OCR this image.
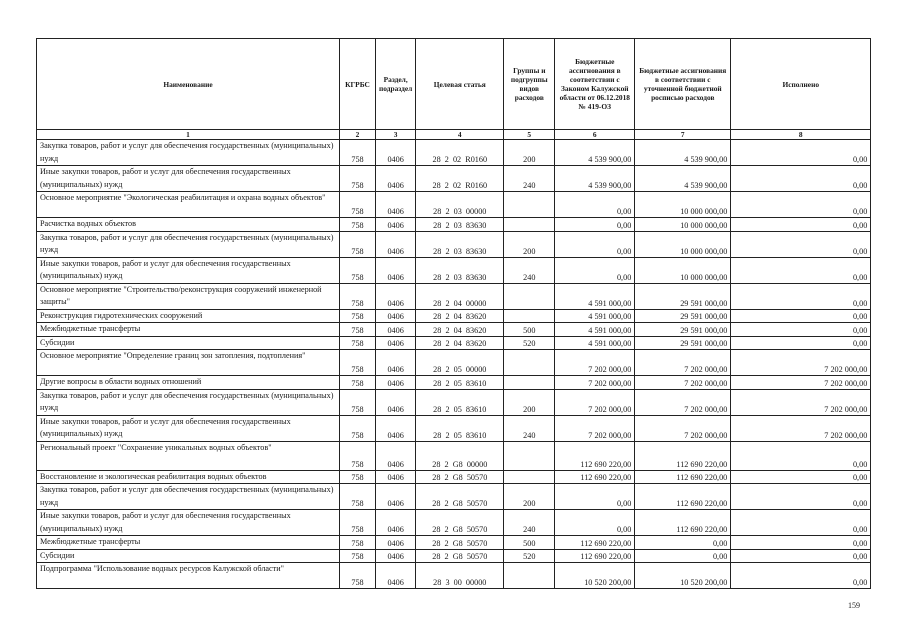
Наименование	КГРБС	Раздел, подраздел	Целевая статья	Группы и подгруппы видов расходов	Бюджетные ассигнования в соответствии с Законом Калужской области от 06.12.2018 № 419-ОЗ	Бюджетные ассигнования в соответствии с уточненной бюджетной росписью расходов	Исполнено
1	2	3	4	5	6	7	8
Закупка товаров, работ и услуг для обеспечения государственных (муниципальных) нужд	758	0406	28  2  02  R0160	200	4 539 900,00	4 539 900,00	0,00
Иные закупки товаров, работ и услуг для обеспечения государственных (муниципальных) нужд	758	0406	28  2  02  R0160	240	4 539 900,00	4 539 900,00	0,00
Основное мероприятие "Экологическая реабилитация и охрана водных объектов"	758	0406	28  2  03  00000		0,00	10 000 000,00	0,00
Расчистка водных объектов	758	0406	28  2  03  83630		0,00	10 000 000,00	0,00
Закупка товаров, работ и услуг для обеспечения государственных (муниципальных) нужд	758	0406	28  2  03  83630	200	0,00	10 000 000,00	0,00
Иные закупки товаров, работ и услуг для обеспечения государственных (муниципальных) нужд	758	0406	28  2  03  83630	240	0,00	10 000 000,00	0,00
Основное мероприятие "Строительство/реконструкция сооружений инженерной защиты"	758	0406	28  2  04  00000		4 591 000,00	29 591 000,00	0,00
Реконструкция гидротехнических сооружений	758	0406	28  2  04  83620		4 591 000,00	29 591 000,00	0,00
Межбюджетные трансферты	758	0406	28  2  04  83620	500	4 591 000,00	29 591 000,00	0,00
Субсидии	758	0406	28  2  04  83620	520	4 591 000,00	29 591 000,00	0,00
Основное мероприятие "Определение границ зон затопления, подтопления"	758	0406	28  2  05  00000		7 202 000,00	7 202 000,00	7 202 000,00
Другие вопросы в области водных отношений	758	0406	28  2  05  83610		7 202 000,00	7 202 000,00	7 202 000,00
Закупка товаров, работ и услуг для обеспечения государственных (муниципальных) нужд	758	0406	28  2  05  83610	200	7 202 000,00	7 202 000,00	7 202 000,00
Иные закупки товаров, работ и услуг для обеспечения государственных (муниципальных) нужд	758	0406	28  2  05  83610	240	7 202 000,00	7 202 000,00	7 202 000,00
Региональный проект "Сохранение уникальных водных объектов"	758	0406	28  2  G8  00000		112 690 220,00	112 690 220,00	0,00
Восстановление и экологическая реабилитация водных объектов	758	0406	28  2  G8  50570		112 690 220,00	112 690 220,00	0,00
Закупка товаров, работ и услуг для обеспечения государственных (муниципальных) нужд	758	0406	28  2  G8  50570	200	0,00	112 690 220,00	0,00
Иные закупки товаров, работ и услуг для обеспечения государственных (муниципальных) нужд	758	0406	28  2  G8  50570	240	0,00	112 690 220,00	0,00
Межбюджетные трансферты	758	0406	28  2  G8  50570	500	112 690 220,00	0,00	0,00
Субсидии	758	0406	28  2  G8  50570	520	112 690 220,00	0,00	0,00
Подпрограмма "Использование водных ресурсов Калужской области"	758	0406	28  3  00  00000		10 520 200,00	10 520 200,00	0,00
159
